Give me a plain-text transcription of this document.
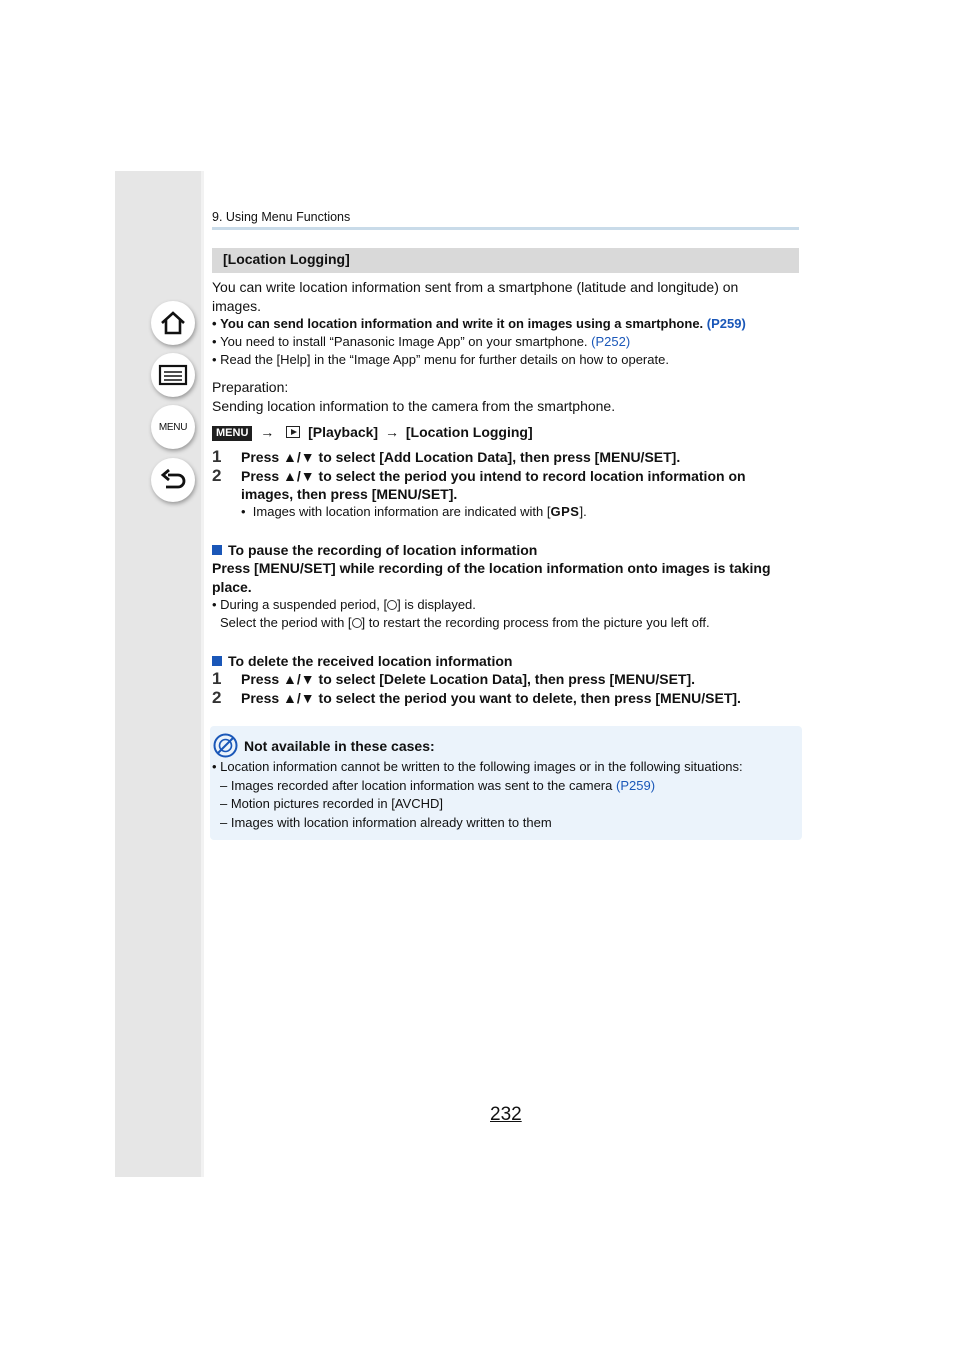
MENU
9. Using Menu Functions
[Location Logging]
You can write location information sent from a smartphone (latitude and longitude) on
images.
• You can send location information and write it on images using a smartphone. (P259)
• You need to install “Panasonic Image App” on your smartphone. (P252)
• Read the [Help] in the “Image App” menu for further details on how to operate.
Preparation:
Sending location information to the camera from the smartphone.
MENU → [Playback] → [Location Logging]
1 Press ▲/▼ to select [Add Location Data], then press [MENU/SET].
2 Press ▲/▼ to select the period you intend to record location information on
images, then press [MENU/SET].
•  Images with location information are indicated with [GPS].
To pause the recording of location information
Press [MENU/SET] while recording of the location information onto images is taking
place.
• During a suspended period, [ ] is displayed.
Select the period with [ ] to restart the recording process from the picture you left off.
To delete the received location information
1 Press ▲/▼ to select [Delete Location Data], then press [MENU/SET].
2 Press ▲/▼ to select the period you want to delete, then press [MENU/SET].
Not available in these cases:
• Location information cannot be written to the following images or in the following situations:
– Images recorded after location information was sent to the camera (P259)
– Motion pictures recorded in [AVCHD]
– Images with location information already written to them
232
